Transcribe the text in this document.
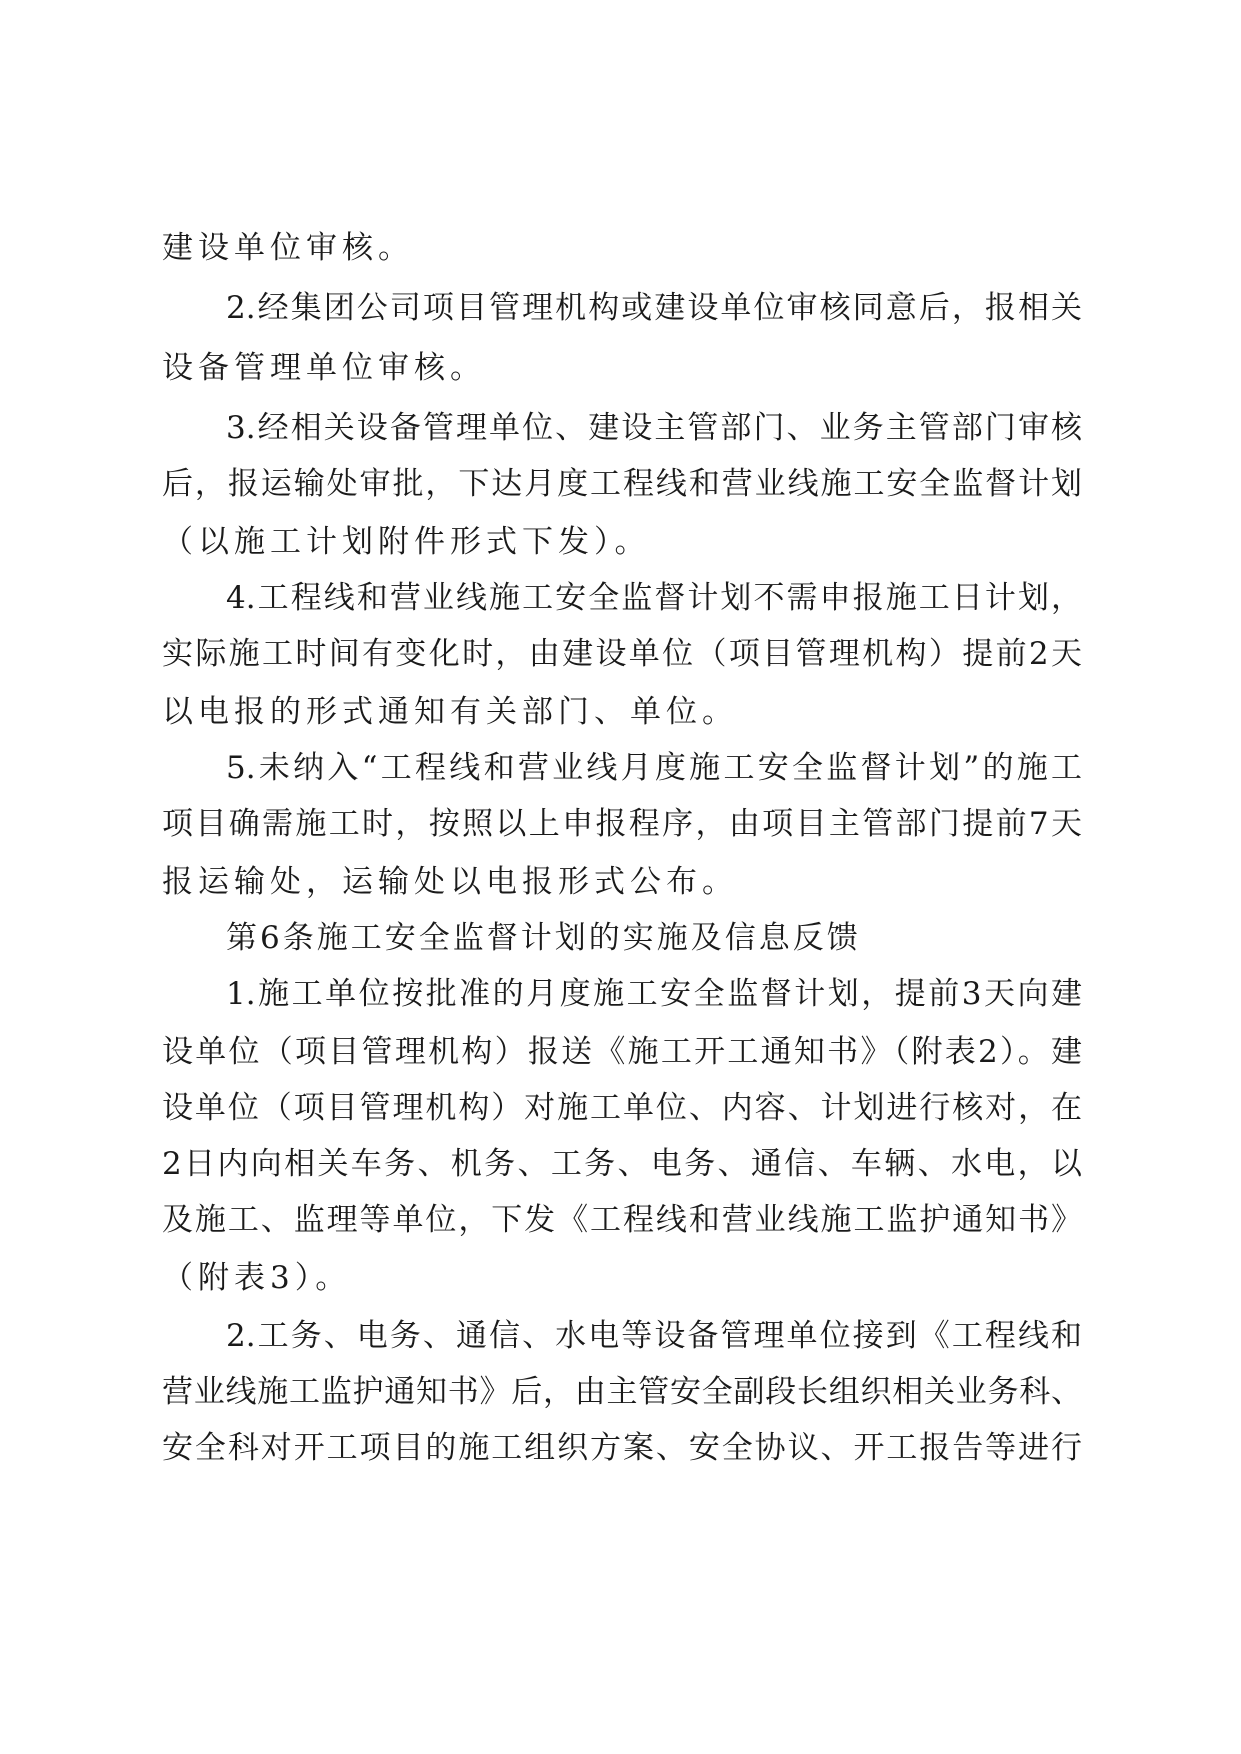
建设单位审核。
2.经集团公司项目管理机构或建设单位审核同意后，报相关
设备管理单位审核。
3.经相关设备管理单位、建设主管部门、业务主管部门审核
后，报运输处审批，下达月度工程线和营业线施工安全监督计划
（以施工计划附件形式下发）。
4.工程线和营业线施工安全监督计划不需申报施工日计划，
实际施工时间有变化时，由建设单位（项目管理机构）提前2天
以电报的形式通知有关部门、单位。
5.未纳入“工程线和营业线月度施工安全监督计划”的施工
项目确需施工时，按照以上申报程序，由项目主管部门提前7天
报运输处，运输处以电报形式公布。
第6条施工安全监督计划的实施及信息反馈
1.施工单位按批准的月度施工安全监督计划，提前3天向建
设单位（项目管理机构）报送《施工开工通知书》（附表2）。建
设单位（项目管理机构）对施工单位、内容、计划进行核对，在
2日内向相关车务、机务、工务、电务、通信、车辆、水电，以
及施工、监理等单位，下发《工程线和营业线施工监护通知书》
（附表3）。
2.工务、电务、通信、水电等设备管理单位接到《工程线和
营业线施工监护通知书》后，由主管安全副段长组织相关业务科、
安全科对开工项目的施工组织方案、安全协议、开工报告等进行
